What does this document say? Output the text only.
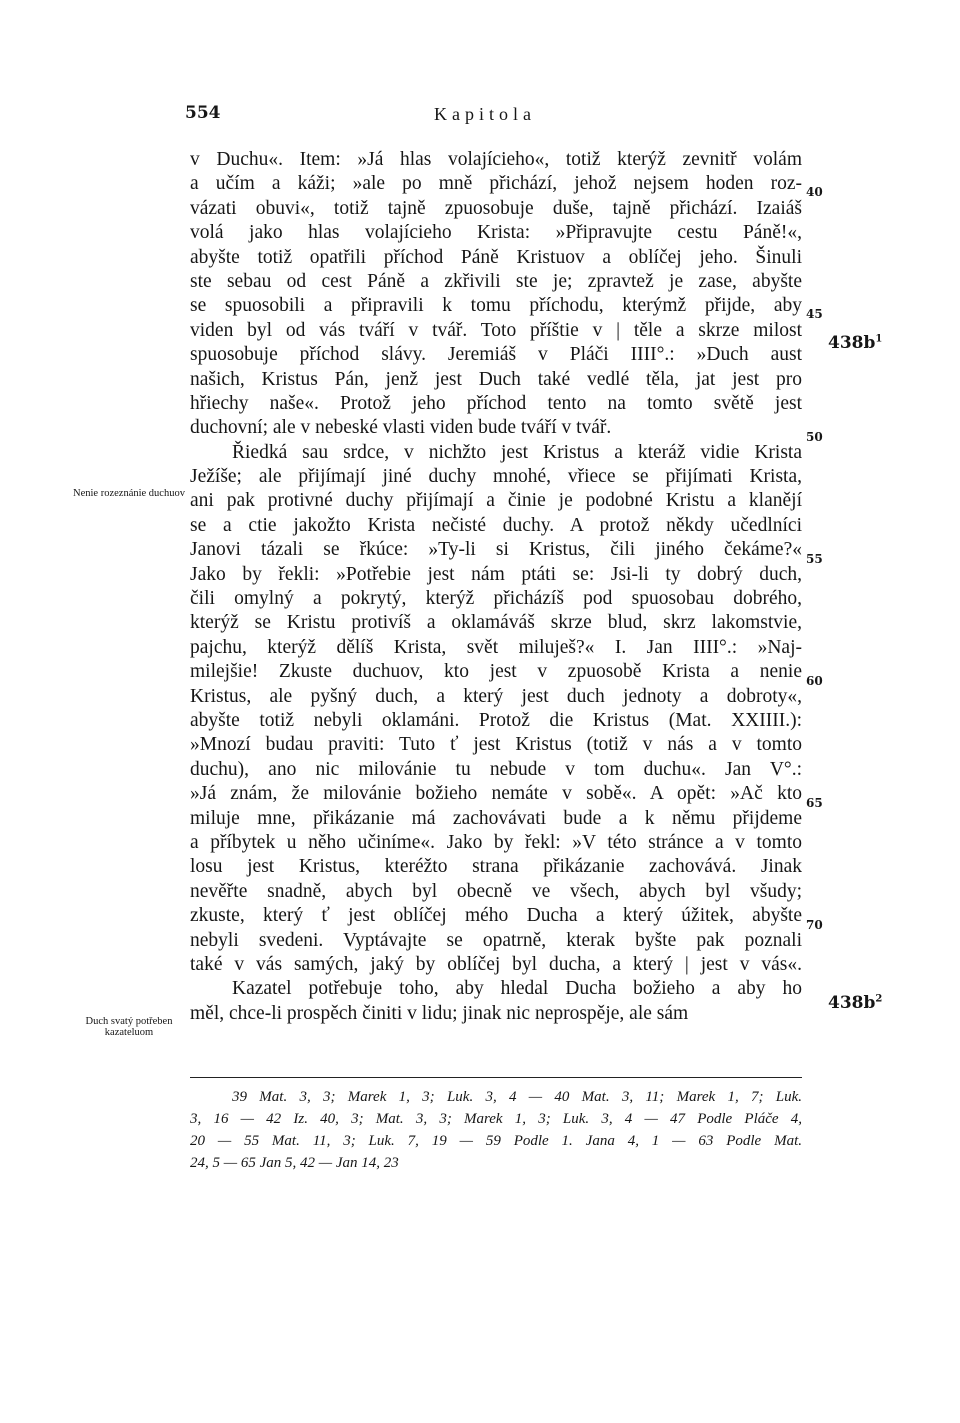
554	Kapitola
v Duchu«. Item: »Já hlas volajícieho«, totiž kterýž zevnitř volám
a učím a káži; »ale po mně přichází, jehož nejsem hoden roz-
vázati obuvi«, totiž tajně zpuosobuje duše, tajně přichází. Izaiáš
volá jako hlas volajícieho Krista: »Připravujte cestu Páně!«,
abyšte totiž opatřili příchod Páně Kristuov a oblíčej jeho. Šinuli
ste sebau od cest Páně a zkřivili ste je; zpravtež je zase, abyšte
se spuosobili a připravili k tomu příchodu, kterýmž přijde, aby
viden byl od vás tváří v tvář. Toto příštie v | těle a skrze milost
spuosobuje příchod slávy. Jeremiáš v Pláči IIII°.: »Duch aust
našich, Kristus Pán, jenž jest Duch také vedlé těla, jat jest pro
hřiechy naše«. Protož jeho příchod tento na tomto světě jest
duchovní; ale v nebeské vlasti viden bude tváří v tvář.
Řiedká sau srdce, v nichžto jest Kristus a kteráž vidie Krista
Ježíše; ale přijímají jiné duchy mnohé, vřiece se přijímati Krista,
ani pak protivné duchy přijímají a činie je podobné Kristu a klanějí
se a ctie jakožto Krista nečisté duchy. A protož někdy učedlníci
Janovi tázali se řkúce: »Ty-li si Kristus, čili jiného čekáme?«
Jako by řekli: »Potřebie jest nám ptáti se: Jsi-li ty dobrý duch,
čili omylný a pokrytý, kterýž přicházíš pod spuosobau dobrého,
kterýž se Kristu protivíš a oklamáváš skrze blud, skrz lakomstvie,
pajchu, kterýž dělíš Krista, svět miluješ?« I. Jan IIII°.: »Naj-
milejšie! Zkuste duchuov, kto jest v zpuosobě Krista a nenie
Kristus, ale pyšný duch, a který jest duch jednoty a dobroty«,
abyšte totiž nebyli oklamáni. Protož die Kristus (Mat. XXIIII.):
»Mnozí budau praviti: Tuto ť jest Kristus (totiž v nás a v tomto
duchu), ano nic milovánie tu nebude v tom duchu«. Jan V°.:
»Já znám, že milovánie božieho nemáte v sobě«. A opět: »Ač kto
miluje mne, přikázanie má zachovávati bude a k němu přijdeme
a příbytek u něho učiníme«. Jako by řekl: »V této stránce a v tomto
losu jest Kristus, kteréžto strana přikázanie zachovává. Jinak
nevěřte snadně, abych byl obecně ve všech, abych byl všudy;
zkuste, který ť jest oblíčej mého Ducha a který úžitek, abyšte
nebyli svedeni. Vyptávajte se opatrně, kterak byšte pak poznali
také v vás samých, jaký by oblíčej byl ducha, a který | jest v vás«.
Kazatel potřebuje toho, aby hledal Ducha božieho a aby ho
měl, chce-li prospěch činiti v lidu; jinak nic neprospěje, ale sám
40
45
50
55
60
65
70
$438b^1$
$438b^2$
Nenie rozeznánie duchuov
Duch svatý potřeben kazateluom
39 Mat. 3, 3; Marek 1, 3; Luk. 3, 4 — 40 Mat. 3, 11; Marek 1, 7; Luk.
3, 16 — 42 Iz. 40, 3; Mat. 3, 3; Marek 1, 3; Luk. 3, 4 — 47 Podle Pláče 4,
20 — 55 Mat. 11, 3; Luk. 7, 19 — 59 Podle 1. Jana 4, 1 — 63 Podle Mat.
24, 5 — 65 Jan 5, 42 — Jan 14, 23
